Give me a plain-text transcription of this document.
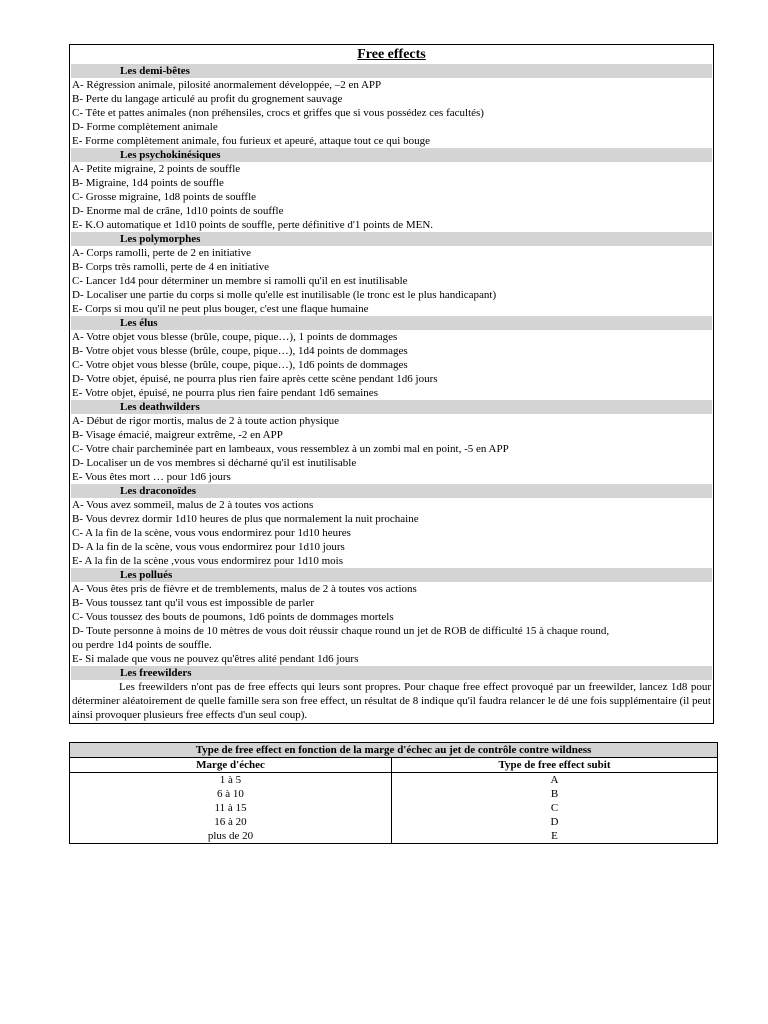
Free effects
Les demi-bêtes
A- Régression animale, pilosité anormalement développée, –2 en APP
B- Perte du langage articulé au profit du grognement sauvage
C- Tête et pattes animales (non préhensiles, crocs et griffes que si vous possédez ces facultés)
D- Forme complètement animale
E- Forme complètement animale, fou furieux et apeuré, attaque tout ce qui bouge
Les psychokinésiques
A- Petite migraine, 2 points de souffle
B- Migraine, 1d4 points de souffle
C- Grosse migraine, 1d8 points de souffle
D- Enorme mal de crâne, 1d10 points de souffle
E- K.O automatique et 1d10 points de souffle, perte définitive d'1 points de MEN.
Les polymorphes
A- Corps ramolli, perte de 2 en initiative
B- Corps très ramolli, perte de 4 en initiative
C- Lancer 1d4 pour déterminer un membre si ramolli qu'il en est inutilisable
D- Localiser une partie du corps si molle qu'elle est inutilisable (le tronc est le plus handicapant)
E- Corps si mou qu'il ne peut plus bouger, c'est une flaque humaine
Les élus
A- Votre objet vous blesse (brûle, coupe, pique…), 1 points de dommages
B- Votre objet vous blesse (brûle, coupe, pique…), 1d4 points de dommages
C- Votre objet vous blesse (brûle, coupe, pique…), 1d6 points de dommages
D- Votre objet, épuisé, ne pourra plus rien faire après cette scène pendant 1d6 jours
E- Votre objet, épuisé, ne pourra plus rien faire pendant 1d6 semaines
Les deathwilders
A- Début de rigor mortis, malus de 2 à toute action physique
B- Visage émacié, maigreur extrême, -2 en APP
C- Votre chair parcheminée part en lambeaux, vous ressemblez à un zombi mal en point, -5 en APP
D- Localiser un de vos membres si décharné qu'il est inutilisable
E- Vous êtes mort … pour 1d6 jours
Les draconoïdes
A- Vous avez sommeil, malus de 2 à toutes vos actions
B- Vous devrez dormir 1d10 heures de plus que normalement la nuit prochaine
C- A la fin de la scène, vous vous endormirez pour 1d10 heures
D- A la fin de la scène, vous vous endormirez pour 1d10 jours
E- A la fin de la scène ,vous vous endormirez pour 1d10 mois
Les pollués
A- Vous êtes pris de fièvre et de tremblements, malus de 2 à toutes vos actions
B- Vous toussez tant qu'il vous est impossible de parler
C- Vous toussez des bouts de poumons, 1d6 points de dommages mortels
D- Toute personne à moins de 10 mètres de vous doit réussir chaque round un jet de ROB de difficulté 15 à chaque round,
ou perdre 1d4 points de souffle.
E- Si malade que vous ne pouvez qu'êtres alité pendant 1d6 jours
Les freewilders
Les freewilders n'ont pas de free effects qui leurs sont propres. Pour chaque free effect provoqué par un freewilder, lancez 1d8 pour déterminer aléatoirement de quelle famille sera son free effect, un résultat de 8 indique qu'il faudra relancer le dé une fois supplémentaire (il peut ainsi provoquer plusieurs free effects d'un seul coup).
Type de free effect en fonction de la marge d'échec au jet de contrôle contre wildness
Marge d'échec	Type de free effect subit
1 à 5	A
6 à 10	B
11 à 15	C
16 à 20	D
plus de 20	E
